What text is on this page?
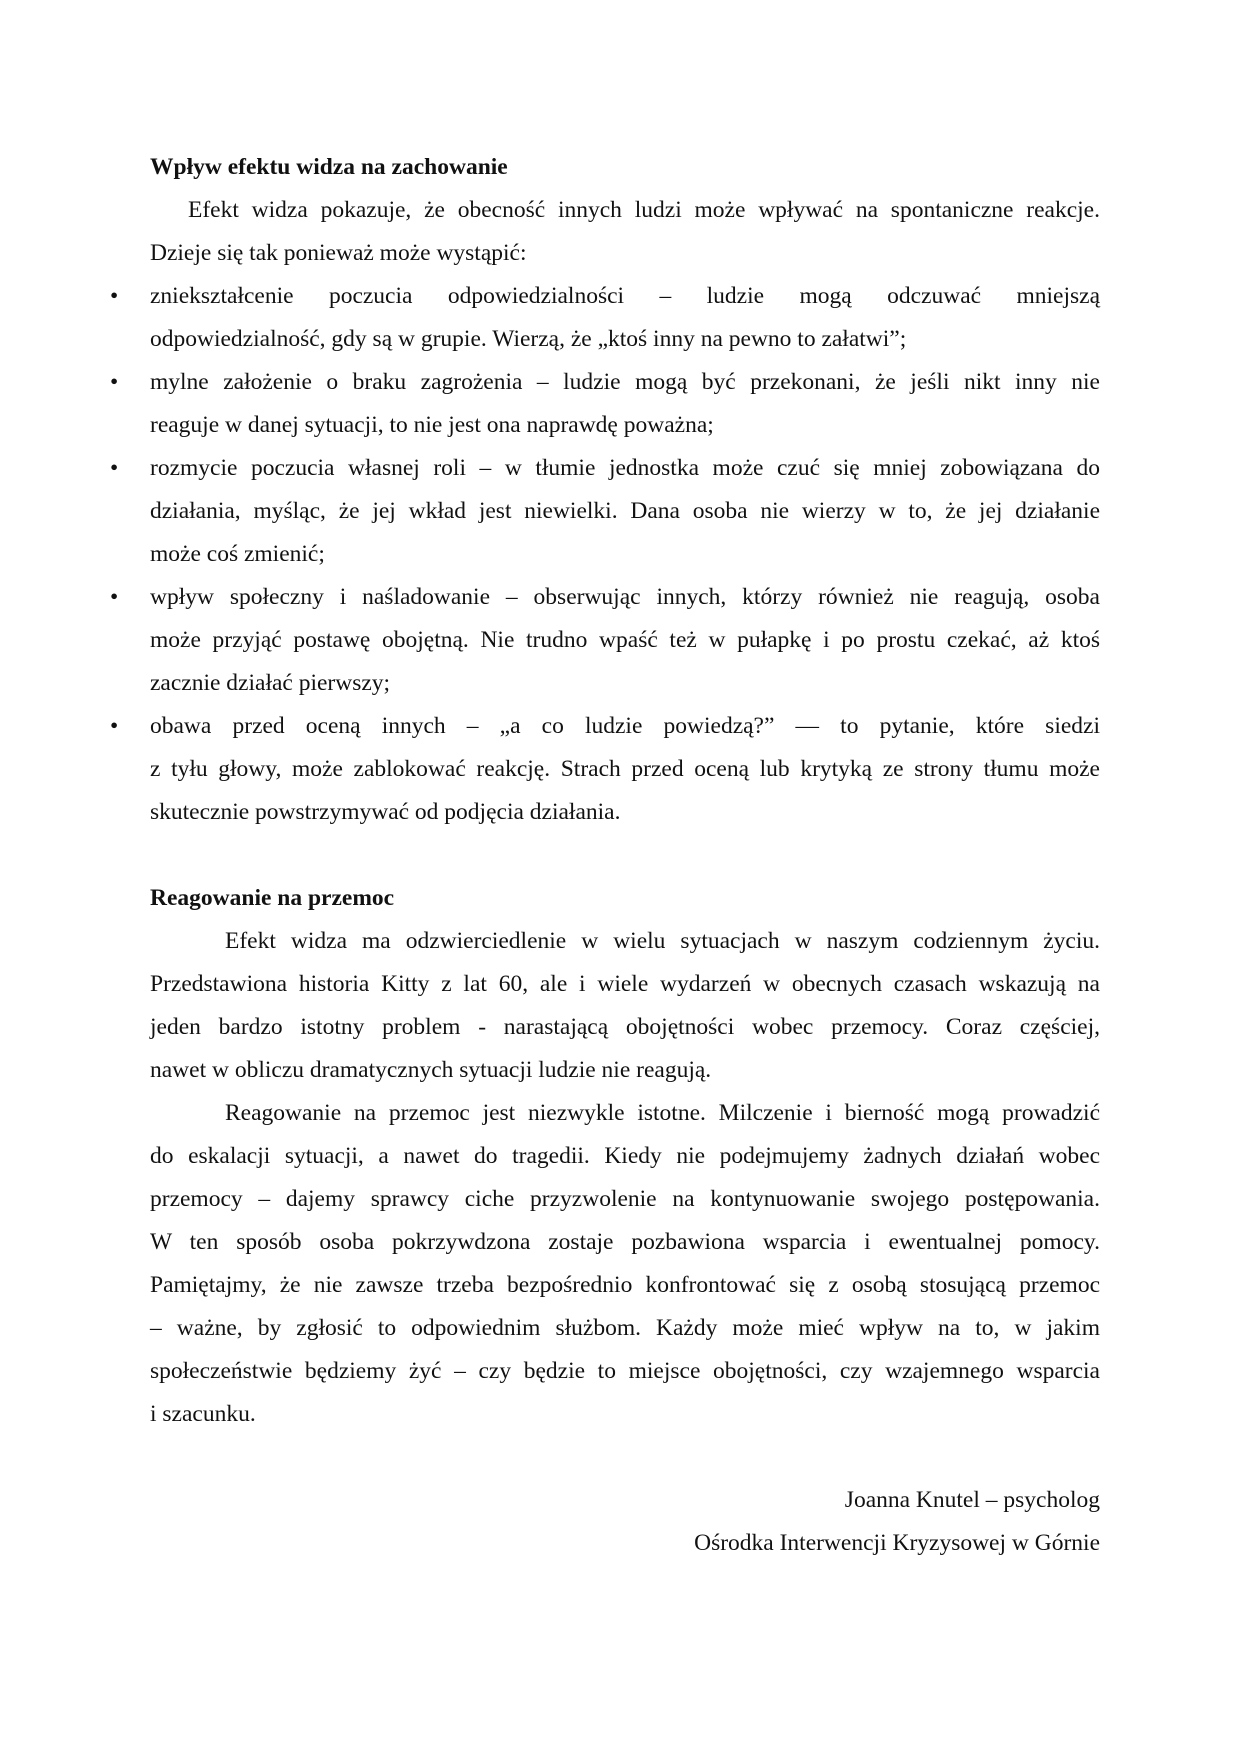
Wpływ efektu widza na zachowanie
Efekt widza pokazuje, że obecność innych ludzi może wpływać na spontaniczne reakcje.
Dzieje się tak ponieważ może wystąpić:
•	zniekształcenie poczucia odpowiedzialności – ludzie mogą odczuwać mniejszą
odpowiedzialność, gdy są w grupie. Wierzą, że „ktoś inny na pewno to załatwi”;
•	mylne założenie o braku zagrożenia – ludzie mogą być przekonani, że jeśli nikt inny nie
reaguje w danej sytuacji, to nie jest ona naprawdę poważna;
•	rozmycie poczucia własnej roli – w tłumie jednostka może czuć się mniej zobowiązana do
działania, myśląc, że jej wkład jest niewielki. Dana osoba nie wierzy w to, że jej działanie
może coś zmienić;
•	wpływ społeczny i naśladowanie – obserwując innych, którzy również nie reagują, osoba
może przyjąć postawę obojętną. Nie trudno wpaść też w pułapkę i po prostu czekać, aż ktoś
zacznie działać pierwszy;
•	obawa przed oceną innych – „a co ludzie powiedzą?” — to pytanie, które siedzi
z tyłu głowy, może zablokować reakcję. Strach przed oceną lub krytyką ze strony tłumu może
skutecznie powstrzymywać od podjęcia działania.
Reagowanie na przemoc
Efekt widza ma odzwierciedlenie w wielu sytuacjach w naszym codziennym życiu.
Przedstawiona historia Kitty z lat 60, ale i wiele wydarzeń w obecnych czasach wskazują na
jeden bardzo istotny problem - narastającą obojętności wobec przemocy. Coraz częściej,
nawet w obliczu dramatycznych sytuacji ludzie nie reagują.
Reagowanie na przemoc jest niezwykle istotne. Milczenie i bierność mogą prowadzić
do eskalacji sytuacji, a nawet do tragedii. Kiedy nie podejmujemy żadnych działań wobec
przemocy – dajemy sprawcy ciche przyzwolenie na kontynuowanie swojego postępowania.
W ten sposób osoba pokrzywdzona zostaje pozbawiona wsparcia i ewentualnej pomocy.
Pamiętajmy, że nie zawsze trzeba bezpośrednio konfrontować się z osobą stosującą przemoc
– ważne, by zgłosić to odpowiednim służbom. Każdy może mieć wpływ na to, w jakim
społeczeństwie będziemy żyć – czy będzie to miejsce obojętności, czy wzajemnego wsparcia
i szacunku.
Joanna Knutel – psycholog
Ośrodka Interwencji Kryzysowej w Górnie
